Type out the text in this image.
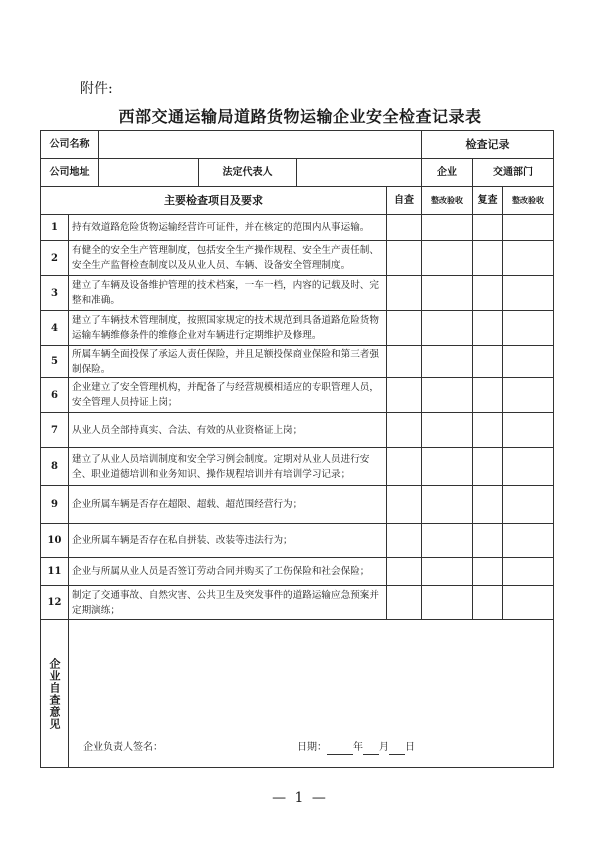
附件:
西部交通运输局道路货物运输企业安全检查记录表
公司名称						检查记录		
公司地址			法定代表人			企业	交通部门	
主要检查项目及要求					自查	整改验收	复查	整改验收
1	持有效道路危险货物运输经营许可证件，并在核定的范围内从事运输。							
2	有健全的安全生产管理制度，包括安全生产操作规程、安全生产责任制、安全生产监督检查制度以及从业人员、车辆、设备安全管理制度。							
3	建立了车辆及设备维护管理的技术档案，一车一档，内容的记载及时、完整和准确。							
4	建立了车辆技术管理制度，按照国家规定的技术规范到具备道路危险货物运输车辆维修条件的维修企业对车辆进行定期维护及修理。							
5	所属车辆全面投保了承运人责任保险，并且足额投保商业保险和第三者强制保险。							
6	企业建立了安全管理机构，并配备了与经营规模相适应的专职管理人员，安全管理人员持证上岗；							
7	从业人员全部持真实、合法、有效的从业资格证上岗；							
8	建立了从业人员培训制度和安全学习例会制度。定期对从业人员进行安全、职业道德培训和业务知识、操作规程培训并有培训学习记录；							
9	企业所属车辆是否存在超限、超载、超范围经营行为；							
10	企业所属车辆是否存在私自拼装、改装等违法行为；							
11	企业与所属从业人员是否签订劳动合同并购买了工伤保险和社会保险；							
12	制定了交通事故、自然灾害、公共卫生及突发事件的道路运输应急预案并定期演练；							

企业自查意见	企业负责人签名： 日期： 年 月 日							
— 1 —
